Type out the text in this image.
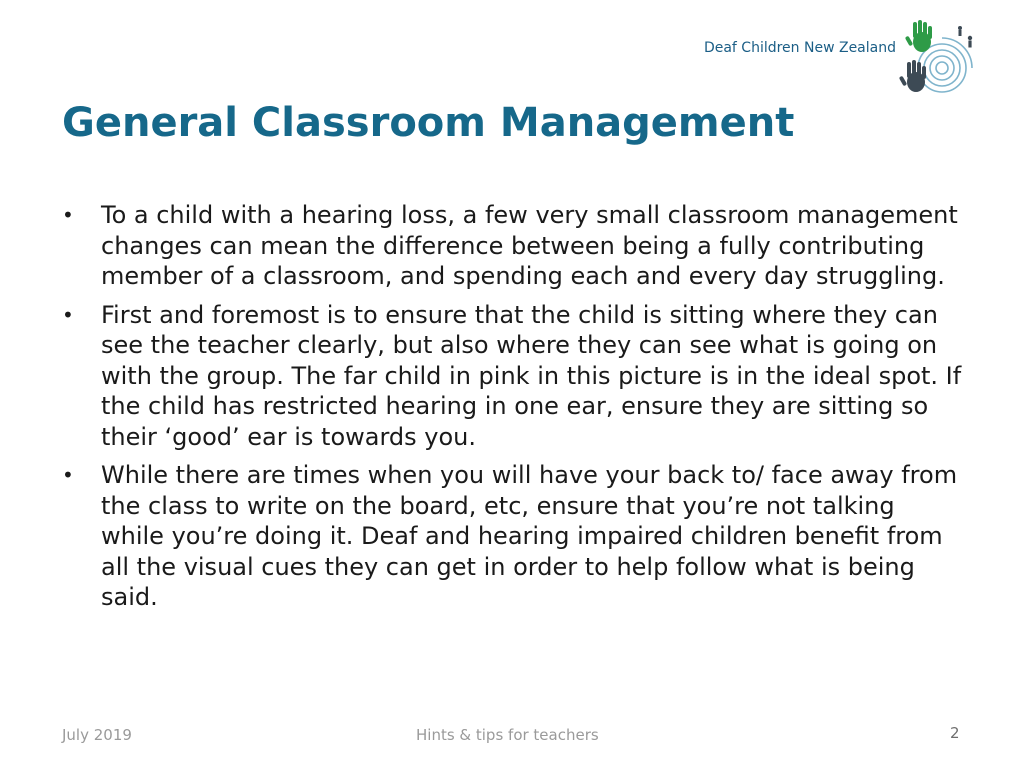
Deaf Children New Zealand
General Classroom Management
• To a child with a hearing loss, a few very small classroom management changes can mean the difference between being a fully contributing member of a classroom, and spending each and every day struggling.
• First and foremost is to ensure that the child is sitting where they can see the teacher clearly, but also where they can see what is going on with the group. The far child in pink in this picture is in the ideal spot. If the child has restricted hearing in one ear, ensure they are sitting so their ‘good’ ear is towards you.
• While there are times when you will have your back to/ face away from the class to write on the board, etc, ensure that you’re not talking while you’re doing it. Deaf and hearing impaired children benefit from all the visual cues they can get in order to help follow what is being said.
July 2019	Hints & tips for teachers	2
